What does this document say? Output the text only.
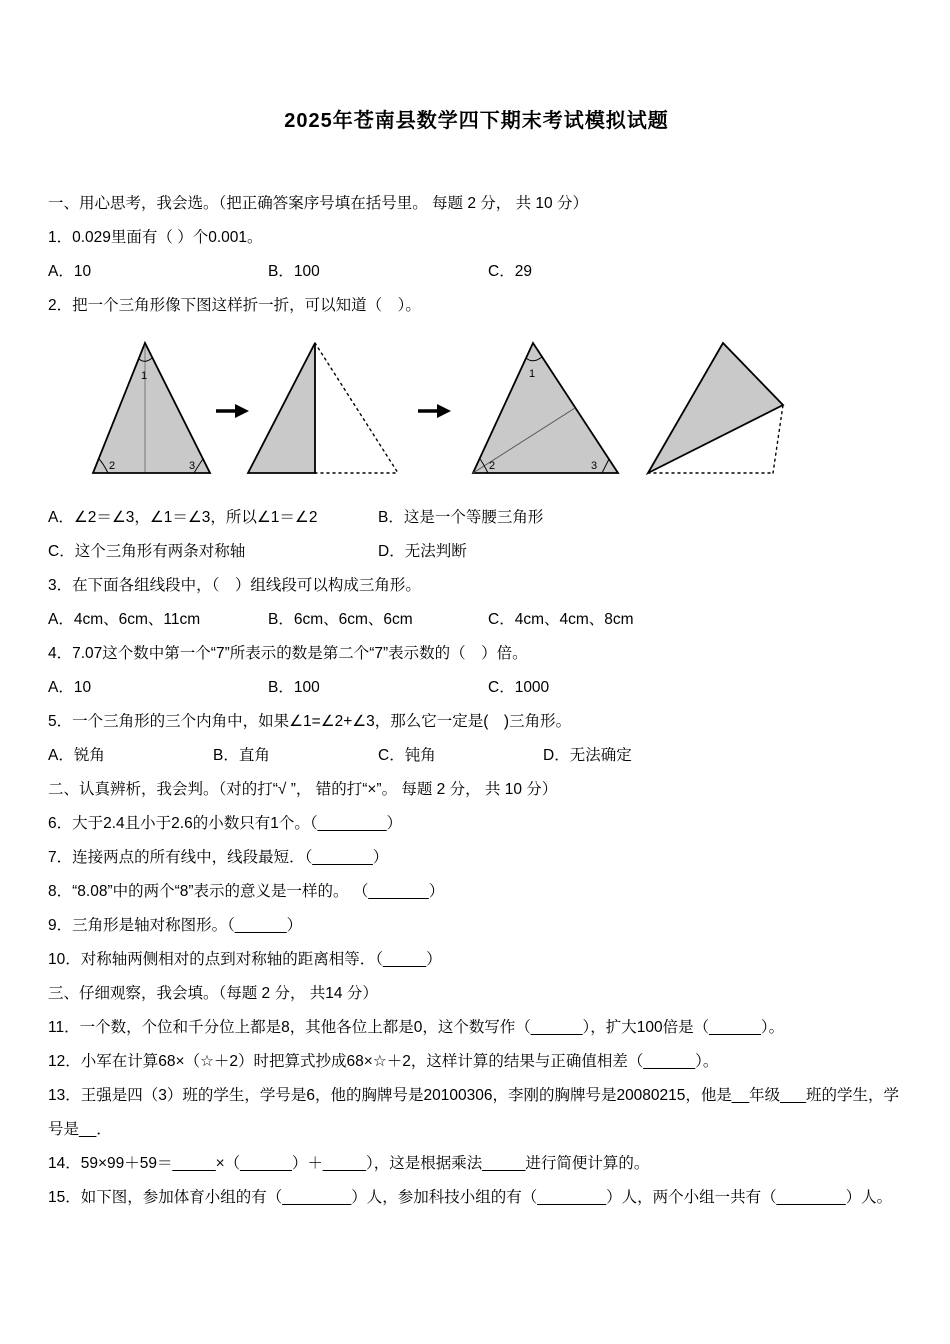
2025年苍南县数学四下期末考试模拟试题
一、用心思考，我会选。（把正确答案序号填在括号里。 每题 2 分， 共 10 分）
1．0.029里面有（ ）个0.001。
A．10	B．100	C．29
2．把一个三角形像下图这样折一折，可以知道（　）。
1
2	3
1
2	3
A．∠2＝∠3，∠1＝∠3，所以∠1＝∠2	B．这是一个等腰三角形
C．这个三角形有两条对称轴	D．无法判断
3．在下面各组线段中，（　）组线段可以构成三角形。
A．4cm、6cm、11cm	B．6cm、6cm、6cm	C．4cm、4cm、8cm
4．7.07这个数中第一个“7”所表示的数是第二个“7”表示数的（　）倍。
A．10	B．100	C．1000
5．一个三角形的三个内角中，如果∠1=∠2+∠3，那么它一定是(　)三角形。
A．锐角	B．直角	C．钝角	D．无法确定
二、认真辨析，我会判。（对的打“√ ”， 错的打“×”。 每题 2 分， 共 10 分）
6．大于2.4且小于2.6的小数只有1个。（________）
7．连接两点的所有线中，线段最短．（_______）
8．“8.08”中的两个“8”表示的意义是一样的。 （_______）
9．三角形是轴对称图形。（______）
10．对称轴两侧相对的点到对称轴的距离相等．（_____）
三、仔细观察，我会填。（每题 2 分， 共14 分）
11．一个数，个位和千分位上都是8，其他各位上都是0，这个数写作（______），扩大100倍是（______）。
12．小军在计算68×（☆＋2）时把算式抄成68×☆＋2，这样计算的结果与正确值相差（______）。
13．王强是四（3）班的学生，学号是6，他的胸牌号是20100306，李刚的胸牌号是20080215，他是__年级___班的学生，学号是__．
14．59×99＋59＝_____×（______）＋_____），这是根据乘法_____进行简便计算的。
15．如下图，参加体育小组的有（________）人，参加科技小组的有（________）人，两个小组一共有（________）人。
